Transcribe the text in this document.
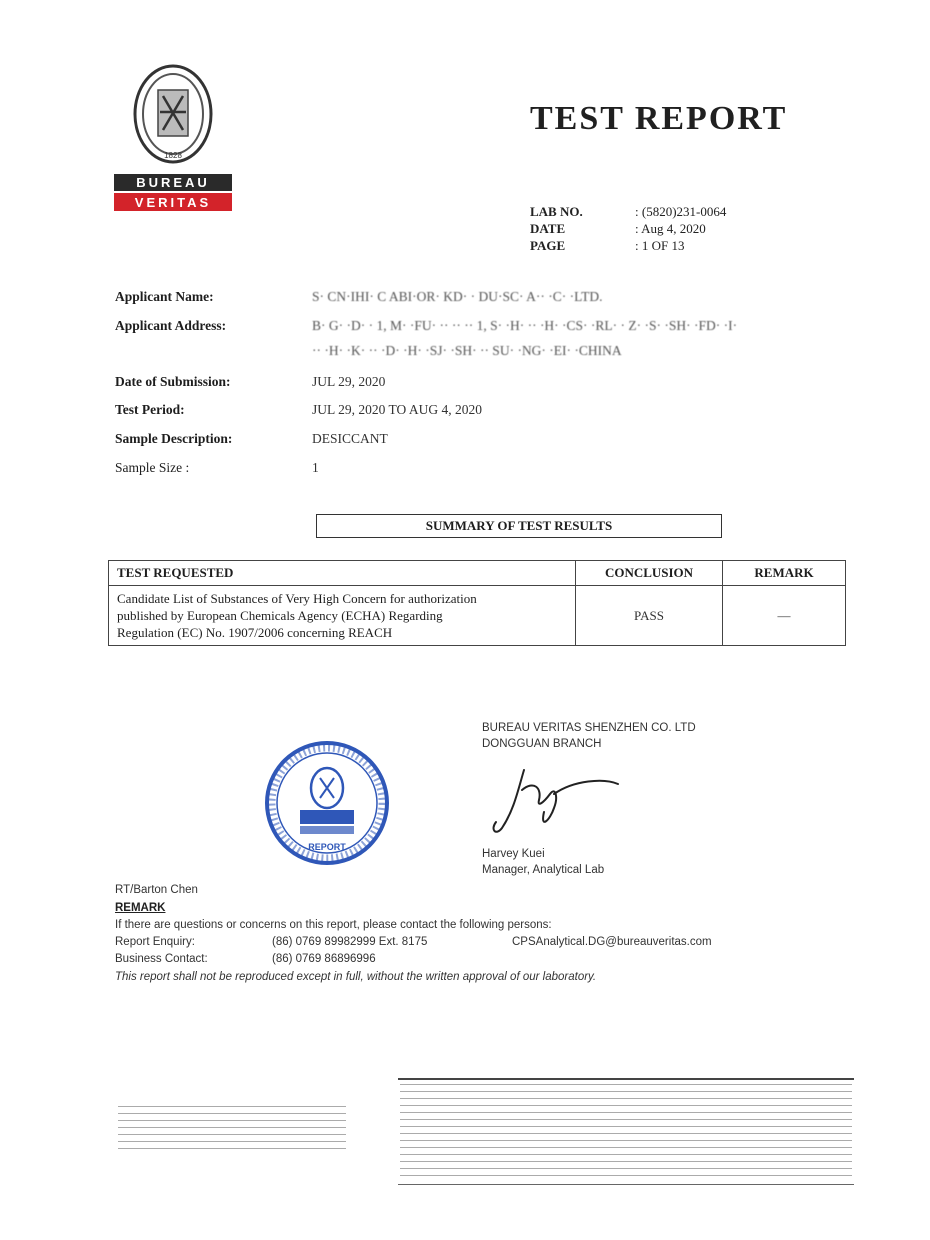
1828
BUREAU
VERITAS
TEST REPORT
LAB NO.	: (5820)231-0064
DATE	: Aug 4, 2020
PAGE	: 1 OF 13
Applicant Name:	S· CN·IHI· C ABI·OR· KD· · DU·SC· A·· ·C· ·LTD.
Applicant Address:	B· G· ·D· · 1, M· ·FU· ·· ·· ·· 1, S· ·H· ·· ·H· ·CS· ·RL· · Z· ·S· ·SH· ·FD· ·I·
·· ·H· ·K· ·· ·D· ·H· ·SJ· ·SH· ·· SU· ·NG· ·EI· ·CHINA
Date of Submission:	JUL 29, 2020
Test Period:	JUL 29, 2020 TO AUG 4, 2020
Sample Description:	DESICCANT
Sample Size :	1
SUMMARY OF TEST RESULTS
TEST REQUESTED	CONCLUSION	REMARK

Candidate List of Substances of Very High Concern for authorization
published by European Chemicals Agency (ECHA) Regarding
Regulation (EC) No. 1907/2006 concerning REACH	PASS	—
REPORT
BUREAU VERITAS SHENZHEN CO. LTD
DONGGUAN BRANCH
Harvey Kuei
Manager, Analytical Lab
RT/Barton Chen
REMARK
If there are questions or concerns on this report, please contact the following persons:
Report Enquiry:	(86) 0769 89982999 Ext. 8175	CPSAnalytical.DG@bureauveritas.com
Business Contact:	(86) 0769 86896996
This report shall not be reproduced except in full, without the written approval of our laboratory.
